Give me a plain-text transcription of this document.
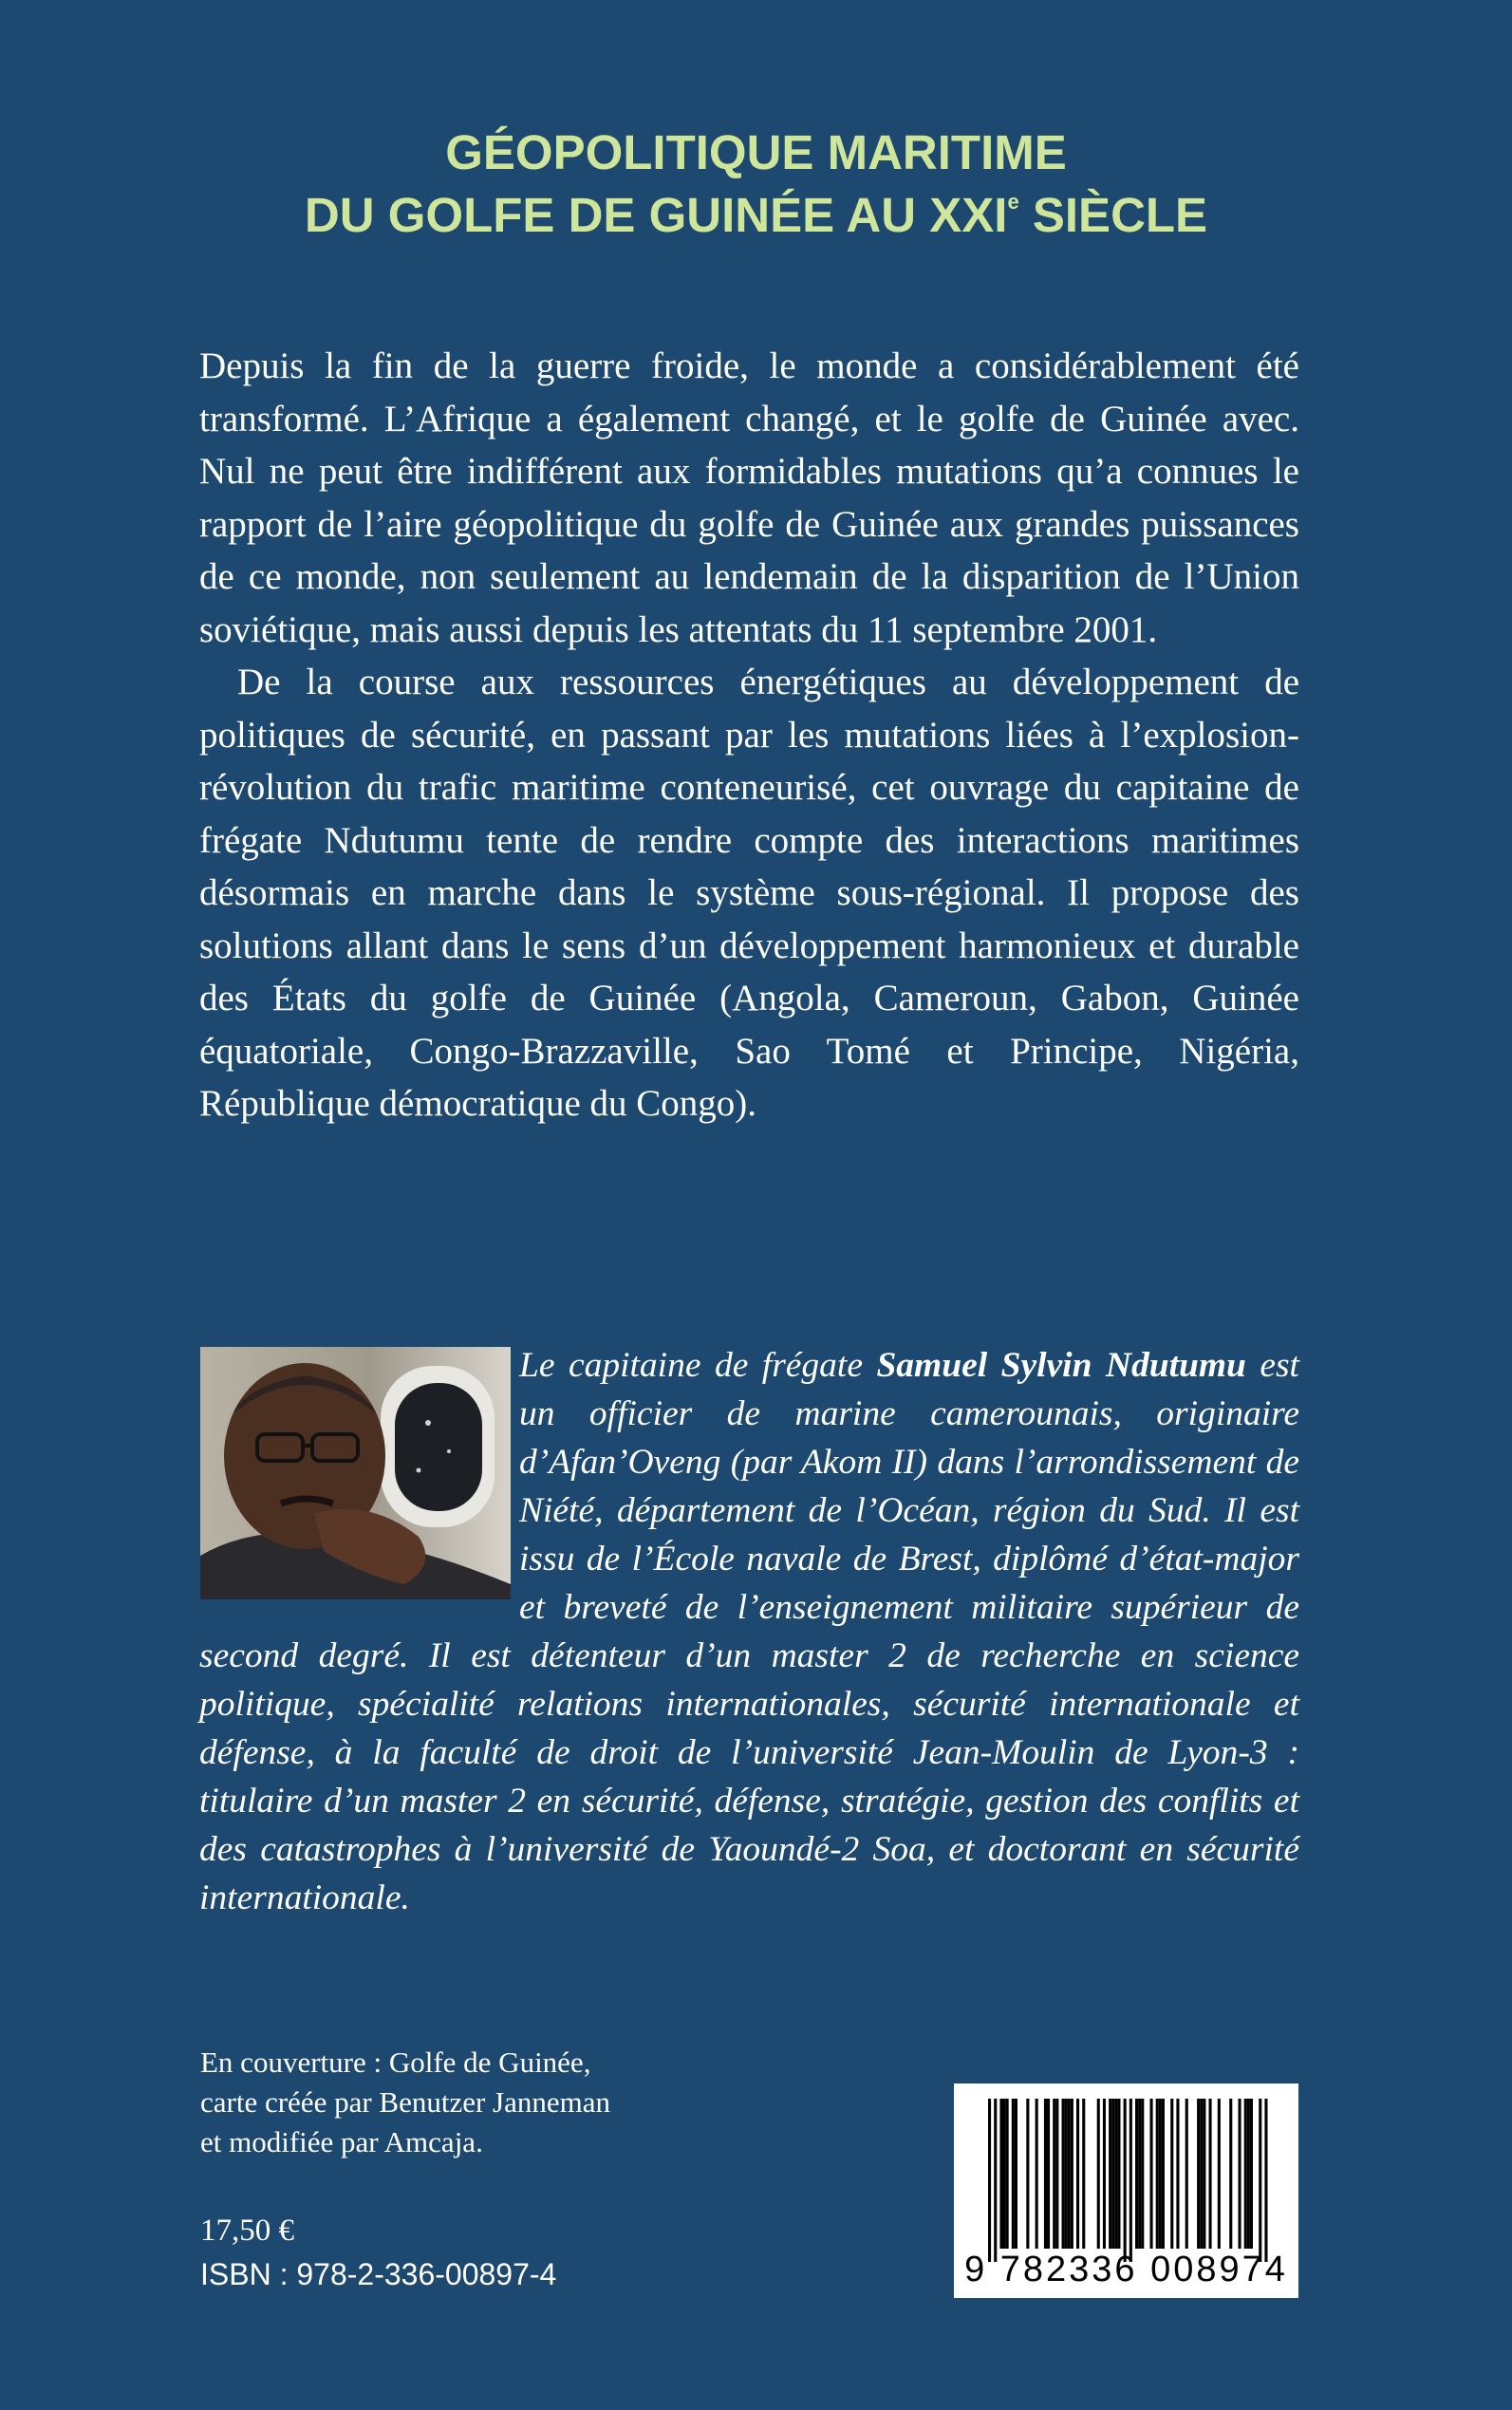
GÉOPOLITIQUE MARITIME
DU GOLFE DE GUINÉE AU XXIe SIÈCLE

Depuis la fin de la guerre froide, le monde a considérablement été transformé. L’Afrique a également changé, et le golfe de Guinée avec. Nul ne peut être indifférent aux formidables mutations qu’a connues le rapport de l’aire géopolitique du golfe de Guinée aux grandes puissances de ce monde, non seulement au lendemain de la disparition de l’Union soviétique, mais aussi depuis les attentats du 11 septembre 2001.

De la course aux ressources énergétiques au développement de politiques de sécurité, en passant par les mutations liées à l’explosion-révolution du trafic maritime conteneurisé, cet ouvrage du capitaine de frégate Ndutumu tente de rendre compte des interactions maritimes désormais en marche dans le système sous-régional. Il propose des solutions allant dans le sens d’un développement harmonieux et durable des États du golfe de Guinée (Angola, Cameroun, Gabon, Guinée équatoriale, Congo-Brazzaville, Sao Tomé et Principe, Nigéria, République démocratique du Congo).

Le capitaine de frégate Samuel Sylvin Ndutumu est un officier de marine camerounais, originaire d’Afan’Oveng (par Akom II) dans l’arrondissement de Niété, département de l’Océan, région du Sud. Il est issu de l’École navale de Brest, diplômé d’état-major et breveté de l’enseignement militaire supérieur de second degré. Il est détenteur d’un master 2 de recherche en science politique, spécialité relations internationales, sécurité internationale et défense, à la faculté de droit de l’université Jean-Moulin de Lyon-3 : titulaire d’un master 2 en sécurité, défense, stratégie, gestion des conflits et des catastrophes à l’université de Yaoundé-2 Soa, et doctorant en sécurité internationale.
En couverture : Golfe de Guinée,
carte créée par Benutzer Janneman
et modifiée par Amcaja.
17,50 €
ISBN : 978-2-336-00897-4	9 782336 008974
